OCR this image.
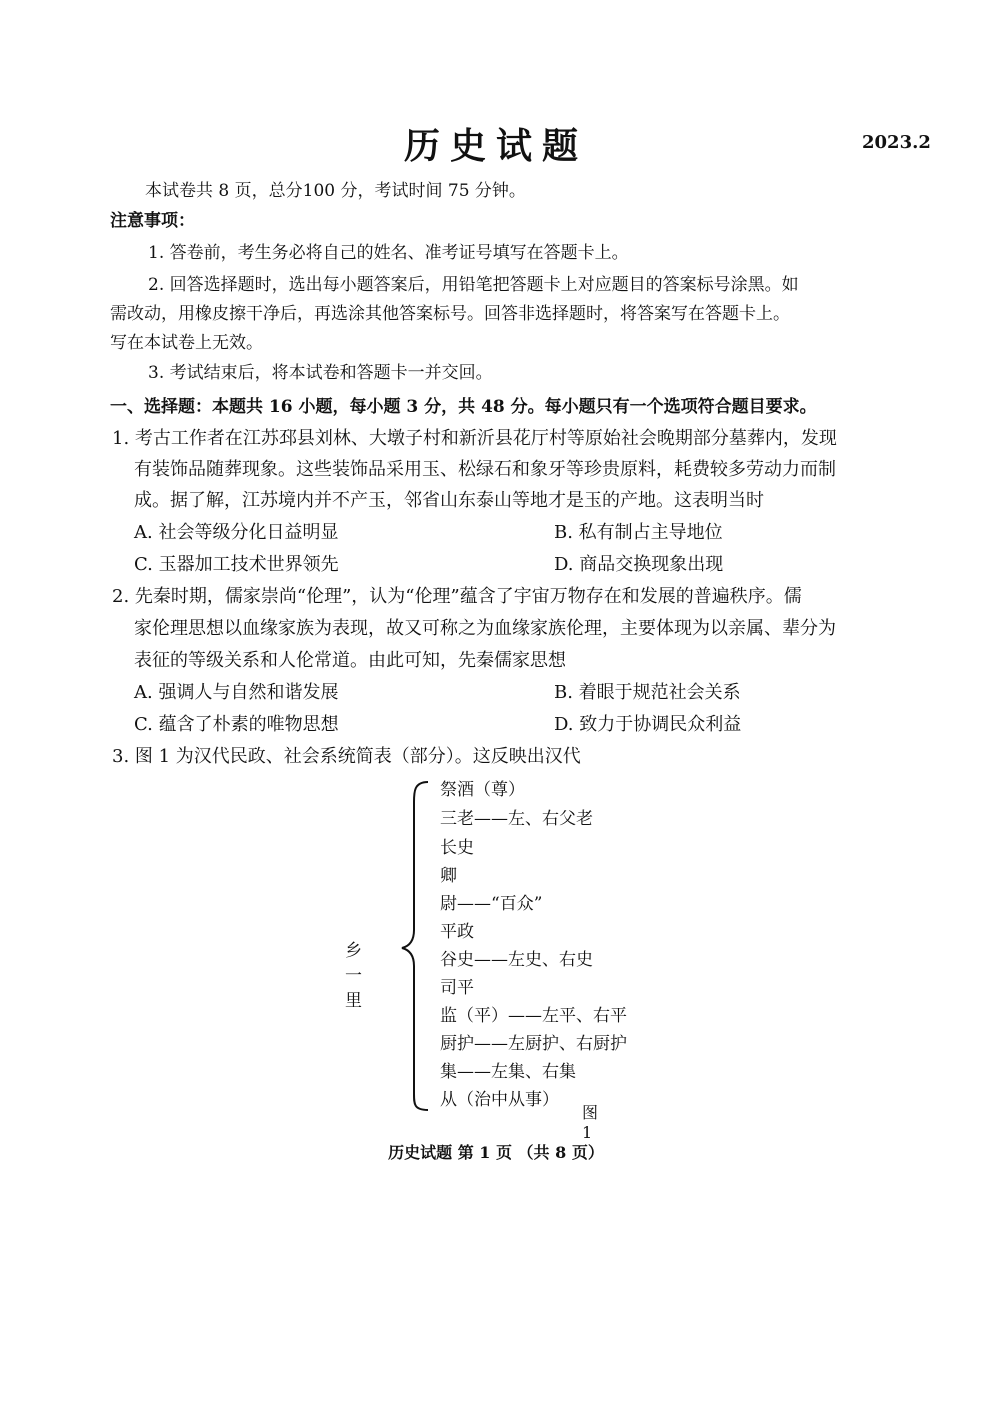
历史试题	2023.2
本试卷共 8 页，总分100 分，考试时间 75 分钟。
注意事项：
1. 答卷前，考生务必将自己的姓名、准考证号填写在答题卡上。
2. 回答选择题时，选出每小题答案后，用铅笔把答题卡上对应题目的答案标号涂黑。如
需改动，用橡皮擦干净后，再选涂其他答案标号。回答非选择题时，将答案写在答题卡上。
写在本试卷上无效。
3. 考试结束后，将本试卷和答题卡一并交回。
一、选择题：本题共 16 小题，每小题 3 分，共 48 分。每小题只有一个选项符合题目要求。
1. 考古工作者在江苏邳县刘林、大墩子村和新沂县花厅村等原始社会晚期部分墓葬内，发现
有装饰品随葬现象。这些装饰品采用玉、松绿石和象牙等珍贵原料，耗费较多劳动力而制
成。据了解，江苏境内并不产玉，邻省山东泰山等地才是玉的产地。这表明当时
A. 社会等级分化日益明显	B. 私有制占主导地位
C. 玉器加工技术世界领先	D. 商品交换现象出现
2. 先秦时期，儒家崇尚“伦理”，认为“伦理”蕴含了宇宙万物存在和发展的普遍秩序。儒
家伦理思想以血缘家族为表现，故又可称之为血缘家族伦理，主要体现为以亲属、辈分为
表征的等级关系和人伦常道。由此可知，先秦儒家思想
A. 强调人与自然和谐发展	B. 着眼于规范社会关系
C. 蕴含了朴素的唯物思想	D. 致力于协调民众利益
3. 图 1 为汉代民政、社会系统简表（部分）。这反映出汉代
乡一里
祭酒（尊）
三老——左、右父老
长史
卿
尉——“百众”
平政
谷史——左史、右史
司平
监（平）——左平、右平
厨护——左厨护、右厨护
集——左集、右集
从（治中从事）
图 1
历史试题 第 1 页 （共 8 页）
